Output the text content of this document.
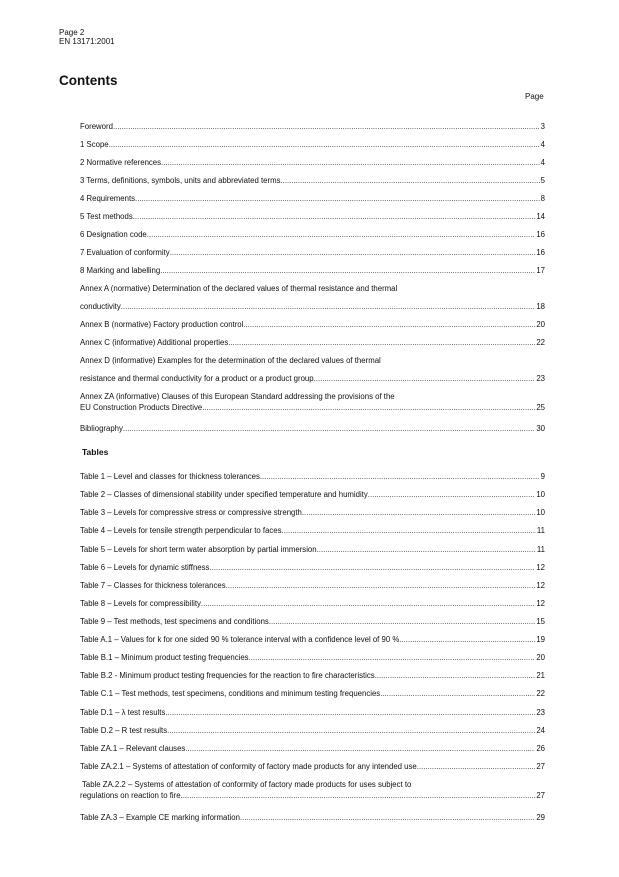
Page 2
EN 13171:2001
Contents
Page
Foreword .....	3
1 Scope .....	4
2 Normative references .....	4
3 Terms, definitions, symbols, units and abbreviated terms .....	5
4 Requirements .....	8
5 Test methods .....	14
6 Designation code .....	16
7 Evaluation of conformity .....	16
8 Marking and labelling .....	17
Annex A (normative) Determination of the declared values of thermal resistance and thermal
conductivity .....	18
Annex B (normative) Factory production control .....	20
Annex C (informative) Additional properties .....	22
Annex D (informative) Examples for the determination of the declared values of thermal
resistance and thermal conductivity for a product or a product group .....	23
Annex ZA (informative) Clauses of this European Standard addressing the provisions of the
EU Construction Products Directive .....	25
Bibliography .....	30
Tables
Table 1 – Level and classes for thickness tolerances .....	9
Table 2 – Classes of dimensional stability under specified temperature and humidity .....	10
Table 3 – Levels for compressive stress or compressive strength .....	10
Table 4 – Levels for tensile strength perpendicular to faces .....	11
Table 5 – Levels for short term water absorption by partial immersion .....	11
Table 6 – Levels for dynamic stiffness .....	12
Table 7 – Classes for thickness tolerances .....	12
Table 8 – Levels for compressibility .....	12
Table 9 – Test methods, test specimens and conditions .....	15
Table A.1 – Values for k for one sided 90 % tolerance interval with a confidence level of 90 % .....	19
Table B.1 – Minimum product testing frequencies .....	20
Table B.2 - Minimum product testing frequencies for the reaction to fire characteristics .....	21
Table C.1 – Test methods, test specimens, conditions and minimum testing frequencies .....	22
Table D.1 – λ test results .....	23
Table D.2 – R test results .....	24
Table ZA.1 – Relevant clauses .....	26
Table ZA.2.1 – Systems of attestation of conformity of factory made products for any intended use .....	27
Table ZA.2.2 – Systems of attestation of conformity of factory made products for uses subject to
regulations on reaction to fire .....	27
Table ZA.3 – Example CE marking information .....	29
